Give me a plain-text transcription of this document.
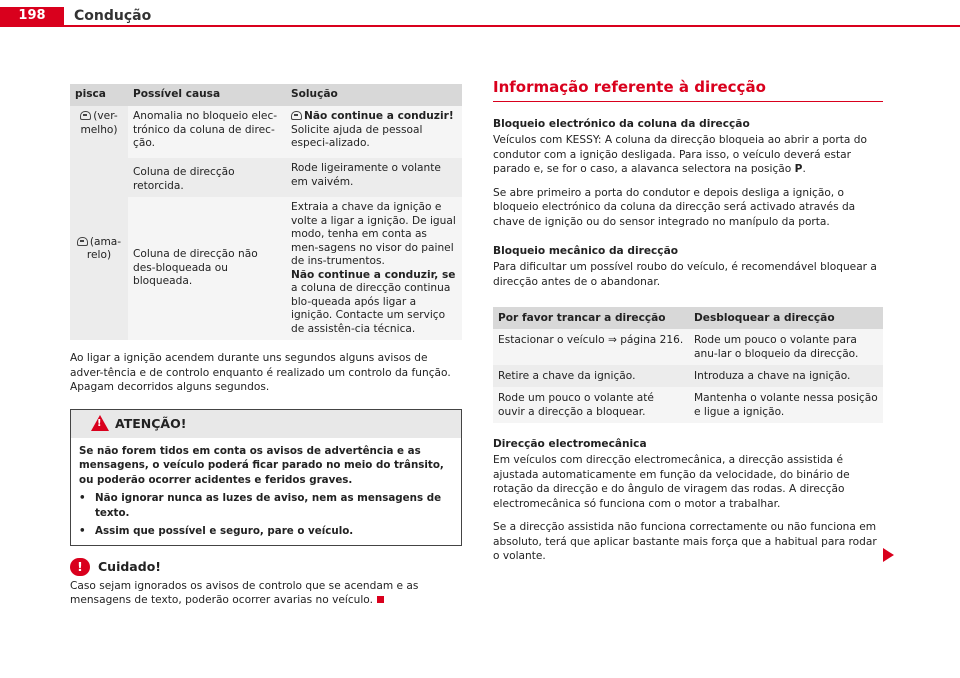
198	Condução
pisca	Possível causa	Solução
(ver-melho)	Anomalia no bloqueio elec-trónico da coluna de direc-ção.	Não continue a conduzir!
Solicite ajuda de pessoal especi-alizado.
(ama-relo)	Coluna de direcção retorcida.	Rode ligeiramente o volante em vaivém.
	Coluna de direcção não des-bloqueada ou bloqueada.	Extraia a chave da ignição e volte a ligar a ignição. De igual modo, tenha em conta as men-sagens no visor do painel de ins-trumentos.
Não continue a conduzir, se a coluna de direcção continua blo-queada após ligar a ignição. Contacte um serviço de assistên-cia técnica.

Ao ligar a ignição acendem durante uns segundos alguns avisos de adver-tência e de controlo enquanto é realizado um controlo da função. Apagam decorridos alguns segundos.

! ATENÇÃO!
Se não forem tidos em conta os avisos de advertência e as mensagens, o veículo poderá ficar parado no meio do trânsito, ou poderão ocorrer acidentes e feridos graves.
• Não ignorar nunca as luzes de aviso, nem as mensagens de texto.
• Assim que possível e seguro, pare o veículo.
!	Cuidado!

Caso sejam ignorados os avisos de controlo que se acendam e as mensagens de texto, poderão ocorrer avarias no veículo.

Informação referente à direcção
Bloqueio electrónico da coluna da direcção

Veículos com KESSY: A coluna da direcção bloqueia ao abrir a porta do condutor com a ignição desligada. Para isso, o veículo deverá estar parado e, se for o caso, a alavanca selectora na posição P.

Se abre primeiro a porta do condutor e depois desliga a ignição, o bloqueio electrónico da coluna da direcção será activado através da chave de ignição ou do sensor integrado no manípulo da porta.

Bloqueio mecânico da direcção

Para dificultar um possível roubo do veículo, é recomendável bloquear a direcção antes de o abandonar.

Por favor trancar a direcção	Desbloquear a direcção
Estacionar o veículo ⇒ página 216.	Rode um pouco o volante para anu-lar o bloqueio da direcção.
Retire a chave da ignição.	Introduza a chave na ignição.
Rode um pouco o volante até ouvir a direcção a bloquear.	Mantenha o volante nessa posição e ligue a ignição.
Direcção electromecânica

Em veículos com direcção electromecânica, a direcção assistida é ajustada automaticamente em função da velocidade, do binário de rotação da direcção e do ângulo de viragem das rodas. A direcção electromecânica só funciona com o motor a trabalhar.

Se a direcção assistida não funciona correctamente ou não funciona em absoluto, terá que aplicar bastante mais força que a habitual para rodar o volante.
